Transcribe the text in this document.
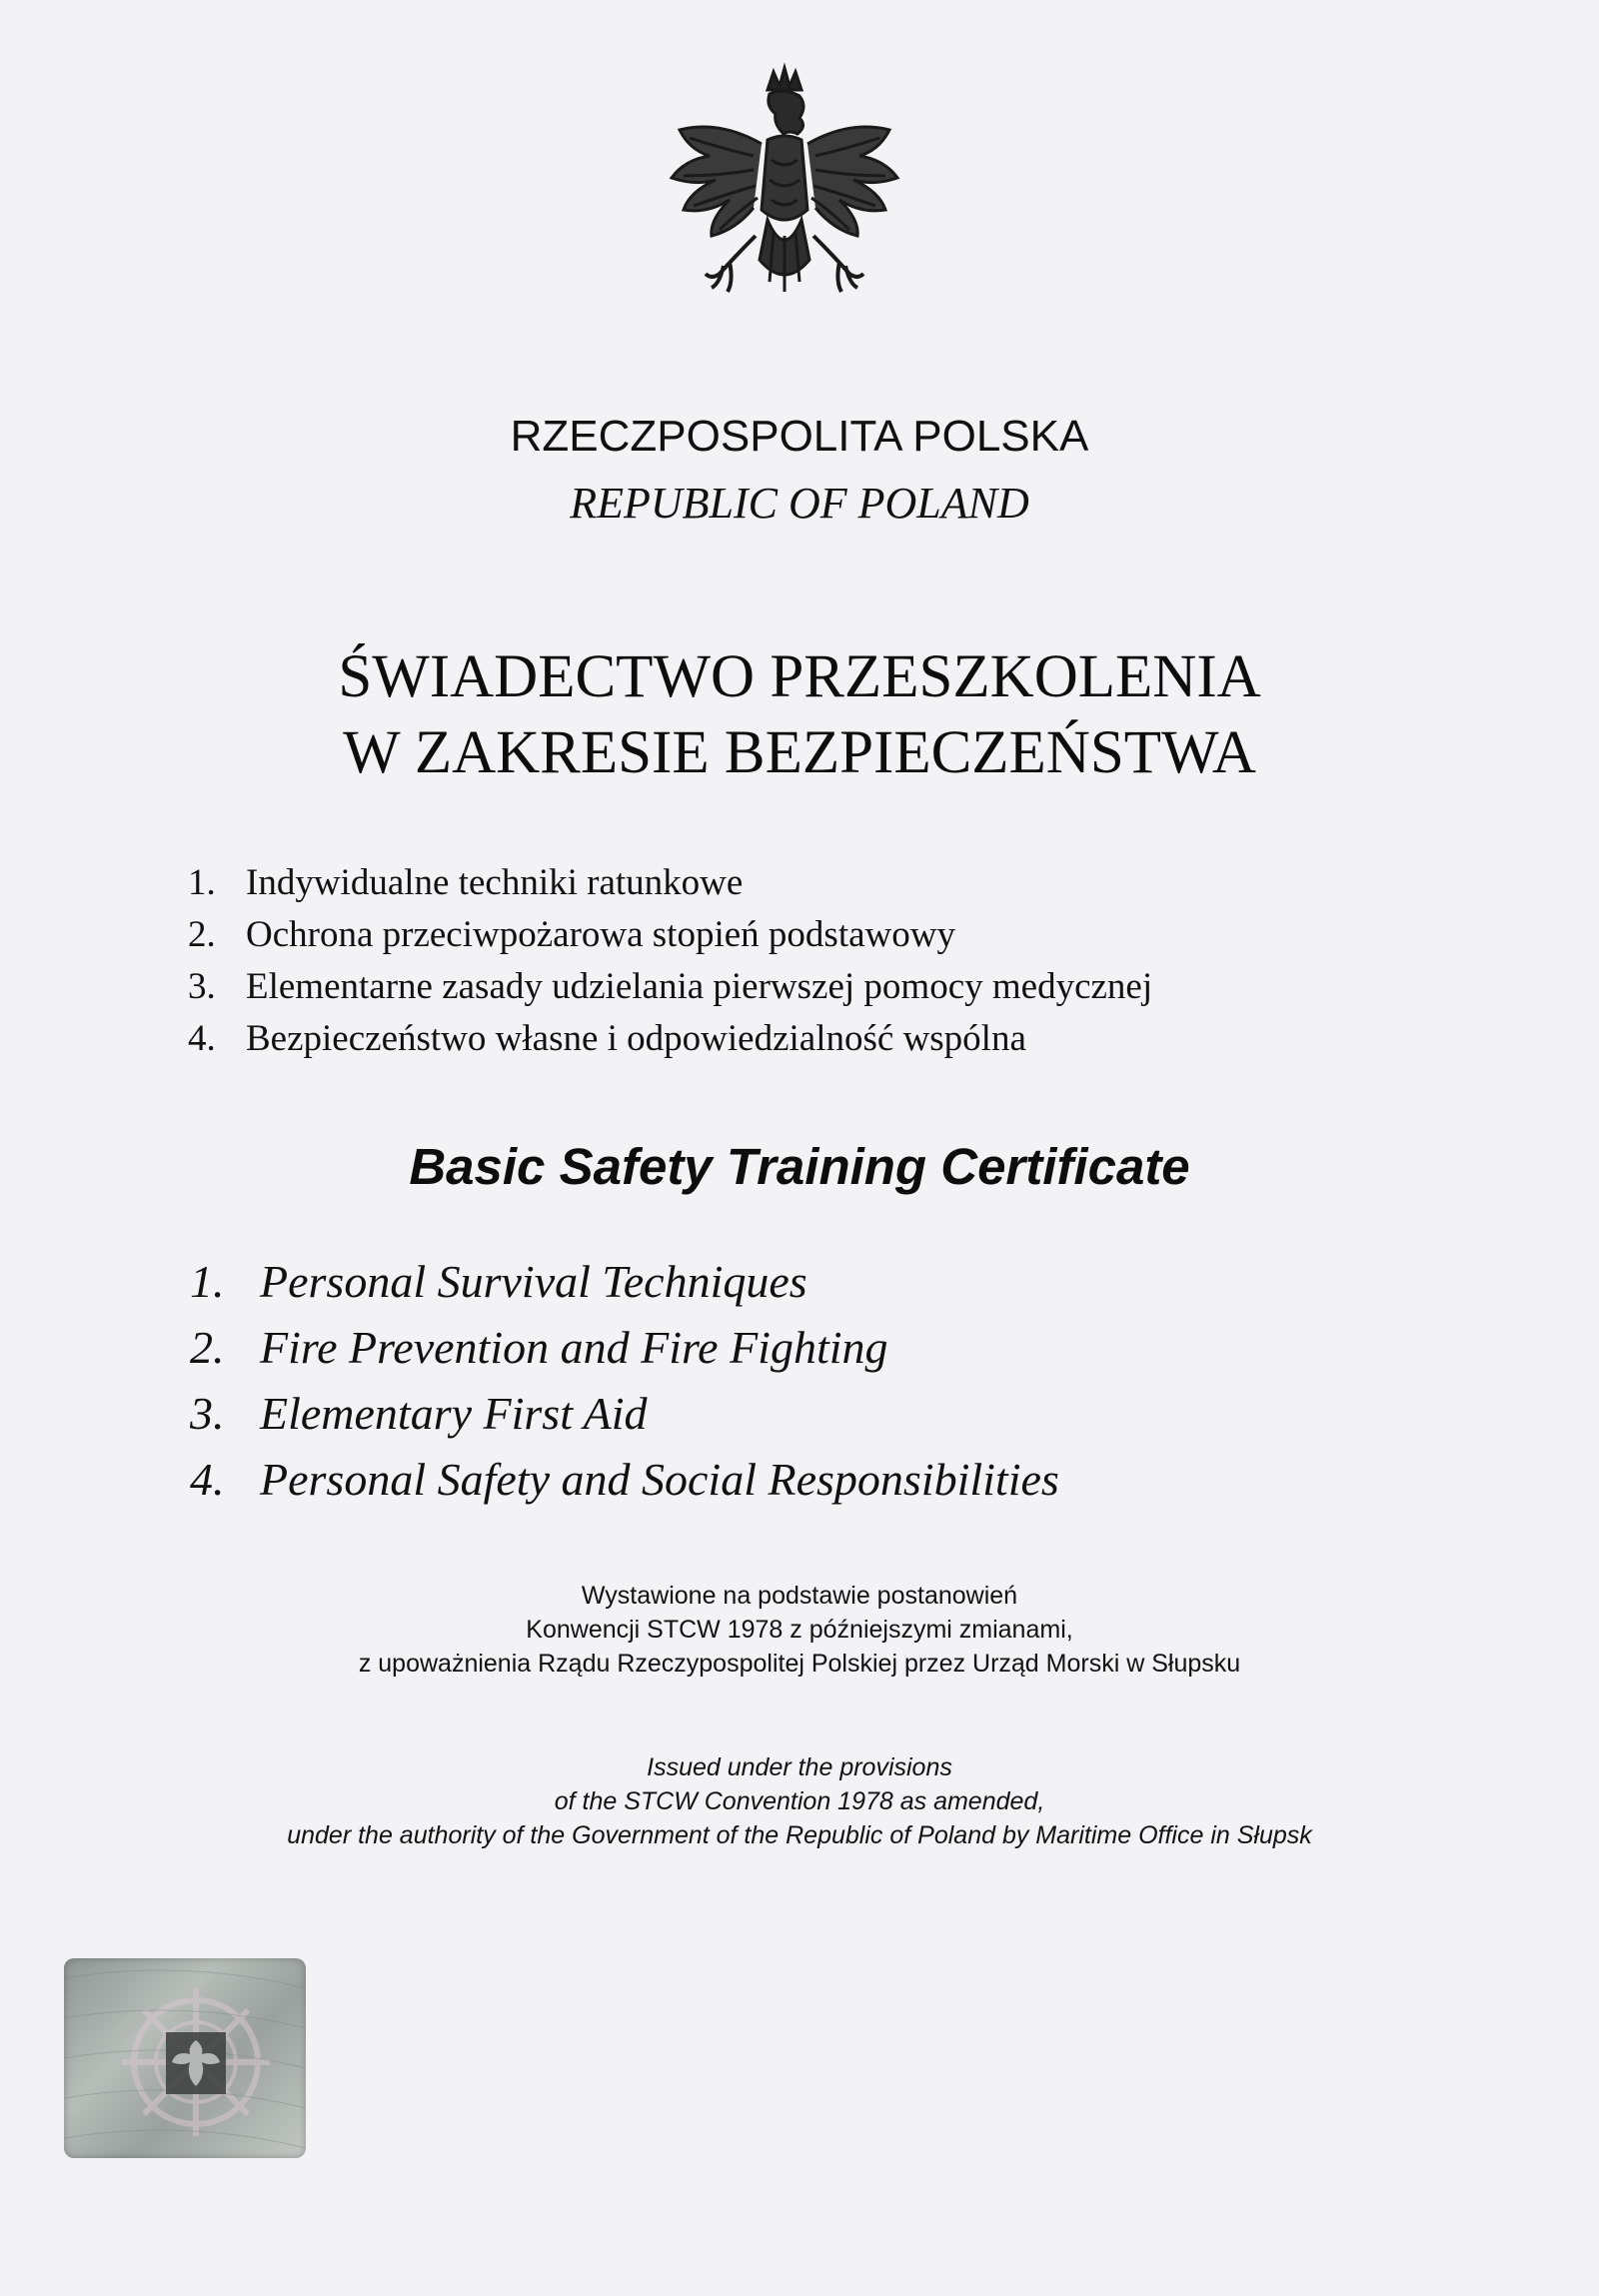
RZECZPOSPOLITA POLSKA
REPUBLIC OF POLAND
ŚWIADECTWO PRZESZKOLENIA
W ZAKRESIE BEZPIECZEŃSTWA
1. Indywidualne techniki ratunkowe
2. Ochrona przeciwpożarowa stopień podstawowy
3. Elementarne zasady udzielania pierwszej pomocy medycznej
4. Bezpieczeństwo własne i odpowiedzialność wspólna
Basic Safety Training Certificate
1. Personal Survival Techniques
2. Fire Prevention and Fire Fighting
3. Elementary First Aid
4. Personal Safety and Social Responsibilities
Wystawione na podstawie postanowień
Konwencji STCW 1978 z późniejszymi zmianami,
z upoważnienia Rządu Rzeczypospolitej Polskiej przez Urząd Morski w Słupsku
Issued under the provisions
of the STCW Convention 1978 as amended,
under the authority of the Government of the Republic of Poland by Maritime Office in Słupsk
